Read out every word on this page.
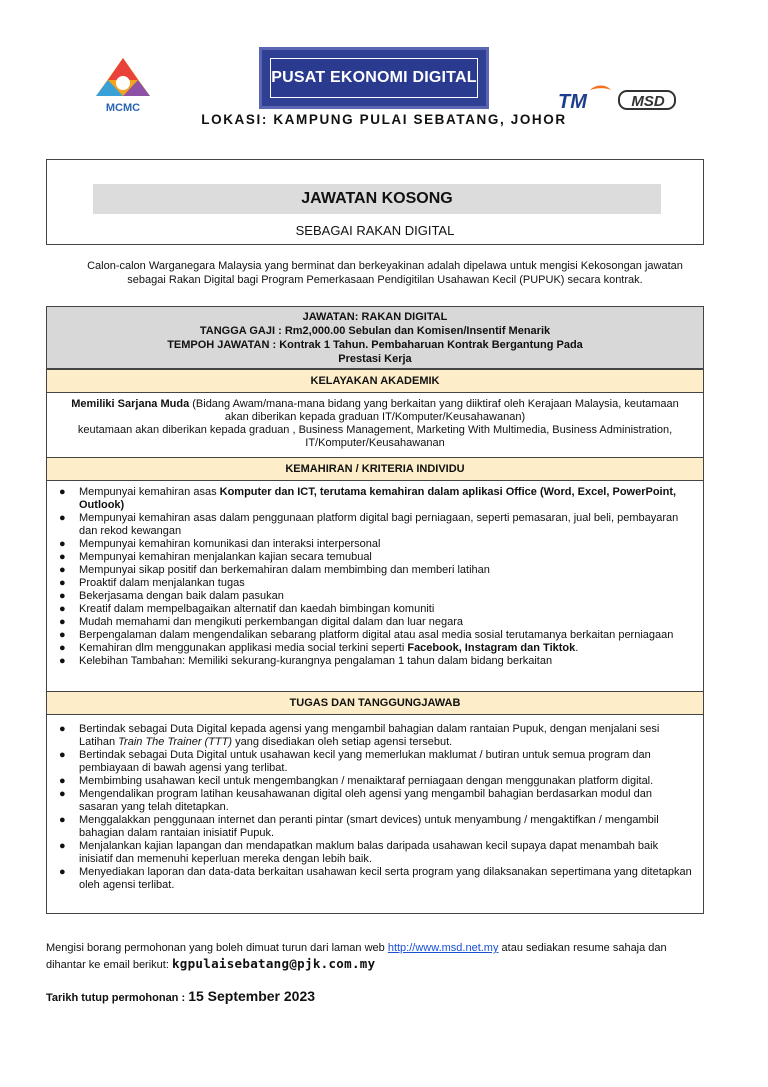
MCMC
PUSAT EKONOMI DIGITAL
TM	MSD
LOKASI: KAMPUNG PULAI SEBATANG, JOHOR
JAWATAN KOSONG
SEBAGAI RAKAN DIGITAL
Calon-calon Warganegara Malaysia yang berminat dan berkeyakinan adalah dipelawa untuk mengisi Kekosongan jawatan
sebagai Rakan Digital bagi Program Pemerkasaan Pendigitilan Usahawan Kecil (PUPUK) secara kontrak.
JAWATAN: RAKAN DIGITAL
TANGGA GAJI : Rm2,000.00 Sebulan dan Komisen/Insentif Menarik
TEMPOH JAWATAN : Kontrak 1 Tahun. Pembaharuan Kontrak Bergantung Pada
Prestasi Kerja
KELAYAKAN AKADEMIK
Memiliki Sarjana Muda (Bidang Awam/mana-mana bidang yang berkaitan yang diiktiraf oleh Kerajaan Malaysia, keutamaan
akan diberikan kepada graduan IT/Komputer/Keusahawanan)
keutamaan akan diberikan kepada graduan , Business Management, Marketing With Multimedia, Business Administration,
IT/Komputer/Keusahawanan
KEMAHIRAN / KRITERIA INDIVIDU
● Mempunyai kemahiran asas Komputer dan ICT, terutama kemahiran dalam aplikasi Office (Word, Excel, PowerPoint, Outlook)
● Mempunyai kemahiran asas dalam penggunaan platform digital bagi perniagaan, seperti pemasaran, jual beli, pembayaran dan rekod kewangan
● Mempunyai kemahiran komunikasi dan interaksi interpersonal
● Mempunyai kemahiran menjalankan kajian secara temubual
● Mempunyai sikap positif dan berkemahiran dalam membimbing dan memberi latihan
● Proaktif dalam menjalankan tugas
● Bekerjasama dengan baik dalam pasukan
● Kreatif dalam mempelbagaikan alternatif dan kaedah bimbingan komuniti
● Mudah memahami dan mengikuti perkembangan digital dalam dan luar negara
● Berpengalaman dalam mengendalikan sebarang platform digital atau asal media sosial terutamanya berkaitan perniagaan
● Kemahiran dlm menggunakan applikasi media social terkini seperti Facebook, Instagram dan Tiktok.
● Kelebihan Tambahan: Memiliki sekurang-kurangnya pengalaman 1 tahun dalam bidang berkaitan
TUGAS DAN TANGGUNGJAWAB
● Bertindak sebagai Duta Digital kepada agensi yang mengambil bahagian dalam rantaian Pupuk, dengan menjalani sesi Latihan Train The Trainer (TTT) yang disediakan oleh setiap agensi tersebut.
● Bertindak sebagai Duta Digital untuk usahawan kecil yang memerlukan maklumat / butiran untuk semua program dan pembiayaan di bawah agensi yang terlibat.
● Membimbing usahawan kecil untuk mengembangkan / menaiktaraf perniagaan dengan menggunakan platform digital.
● Mengendalikan program latihan keusahawanan digital oleh agensi yang mengambil bahagian berdasarkan modul dan sasaran yang telah ditetapkan.
● Menggalakkan penggunaan internet dan peranti pintar (smart devices) untuk menyambung / mengaktifkan / mengambil bahagian dalam rantaian inisiatif Pupuk.
● Menjalankan kajian lapangan dan mendapatkan maklum balas daripada usahawan kecil supaya dapat menambah baik inisiatif dan memenuhi keperluan mereka dengan lebih baik.
● Menyediakan laporan dan data-data berkaitan usahawan kecil serta program yang dilaksanakan sepertimana yang ditetapkan oleh agensi terlibat.
Mengisi borang permohonan yang boleh dimuat turun dari laman web http://www.msd.net.my atau sediakan resume sahaja dan
dihantar ke email berikut: kgpulaisebatang@pjk.com.my
Tarikh tutup permohonan : 15 September 2023
